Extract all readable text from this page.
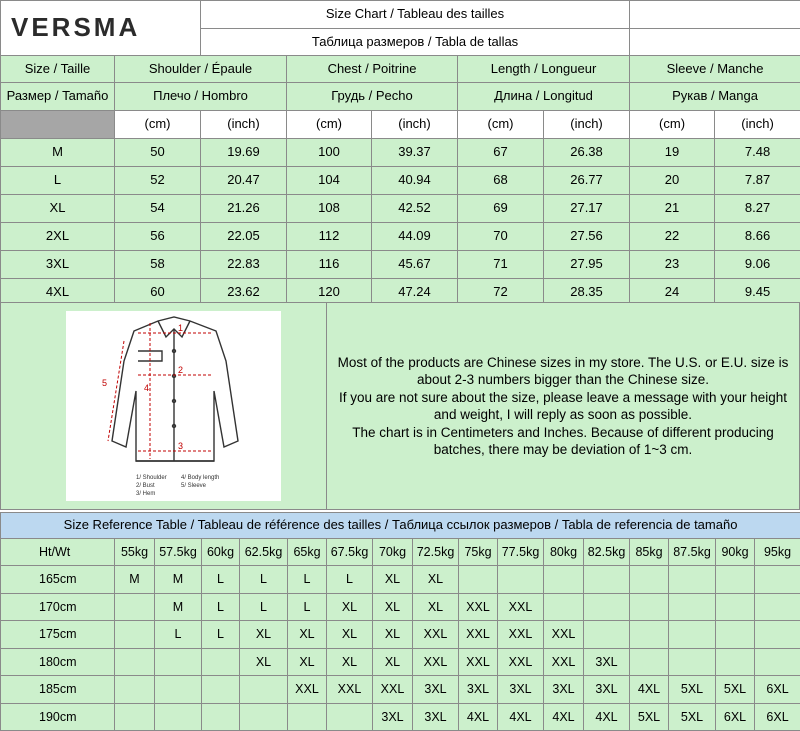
VERSMA		Size Chart / Tableau des tailles						
		Таблица размеров / Tabla de tallas						
Size / Taille	Shoulder / Épaule		Chest / Poitrine		Length / Longueur		Sleeve / Manche	
Размер / Tamaño	Плечо / Hombro		Грудь / Pecho		Длина / Longitud		Рукав / Manga	
	(cm)	(inch)	(cm)	(inch)	(cm)	(inch)	(cm)	(inch)
M	50	19.69	100	39.37	67	26.38	19	7.48
L	52	20.47	104	40.94	68	26.77	20	7.87
XL	54	21.26	108	42.52	69	27.17	21	8.27
2XL	56	22.05	112	44.09	70	27.56	22	8.66
3XL	58	22.83	116	45.67	71	27.95	23	9.06
4XL	60	23.62	120	47.24	72	28.35	24	9.45
1
2
3
4
5
1/ Shoulder 4/ Body length
2/ Bust	5/ Sleeve
3/ Hem
Most of the products are Chinese sizes in my store. The U.S. or E.U. size is
about 2-3 numbers bigger than the Chinese size.
If you are not sure about the size, please leave a message with your height
and weight, I will reply as soon as possible.
The chart is in Centimeters and Inches. Because of different producing
batches, there may be deviation of 1~3 cm.
Size Reference Table / Tableau de référence des tailles / Таблица ссылок размеров / Tabla de referencia de tamaño																
Ht/Wt	55kg	57.5kg	60kg	62.5kg	65kg	67.5kg	70kg	72.5kg	75kg	77.5kg	80kg	82.5kg	85kg	87.5kg	90kg	95kg
165cm	M	M	L	L	L	L	XL	XL								
170cm		M	L	L	L	XL	XL	XL	XXL	XXL						
175cm		L	L	XL	XL	XL	XL	XXL	XXL	XXL	XXL					
180cm				XL	XL	XL	XL	XXL	XXL	XXL	XXL	3XL				
185cm					XXL	XXL	XXL	3XL	3XL	3XL	3XL	3XL	4XL	5XL	5XL	6XL
190cm							3XL	3XL	4XL	4XL	4XL	4XL	5XL	5XL	6XL	6XL
